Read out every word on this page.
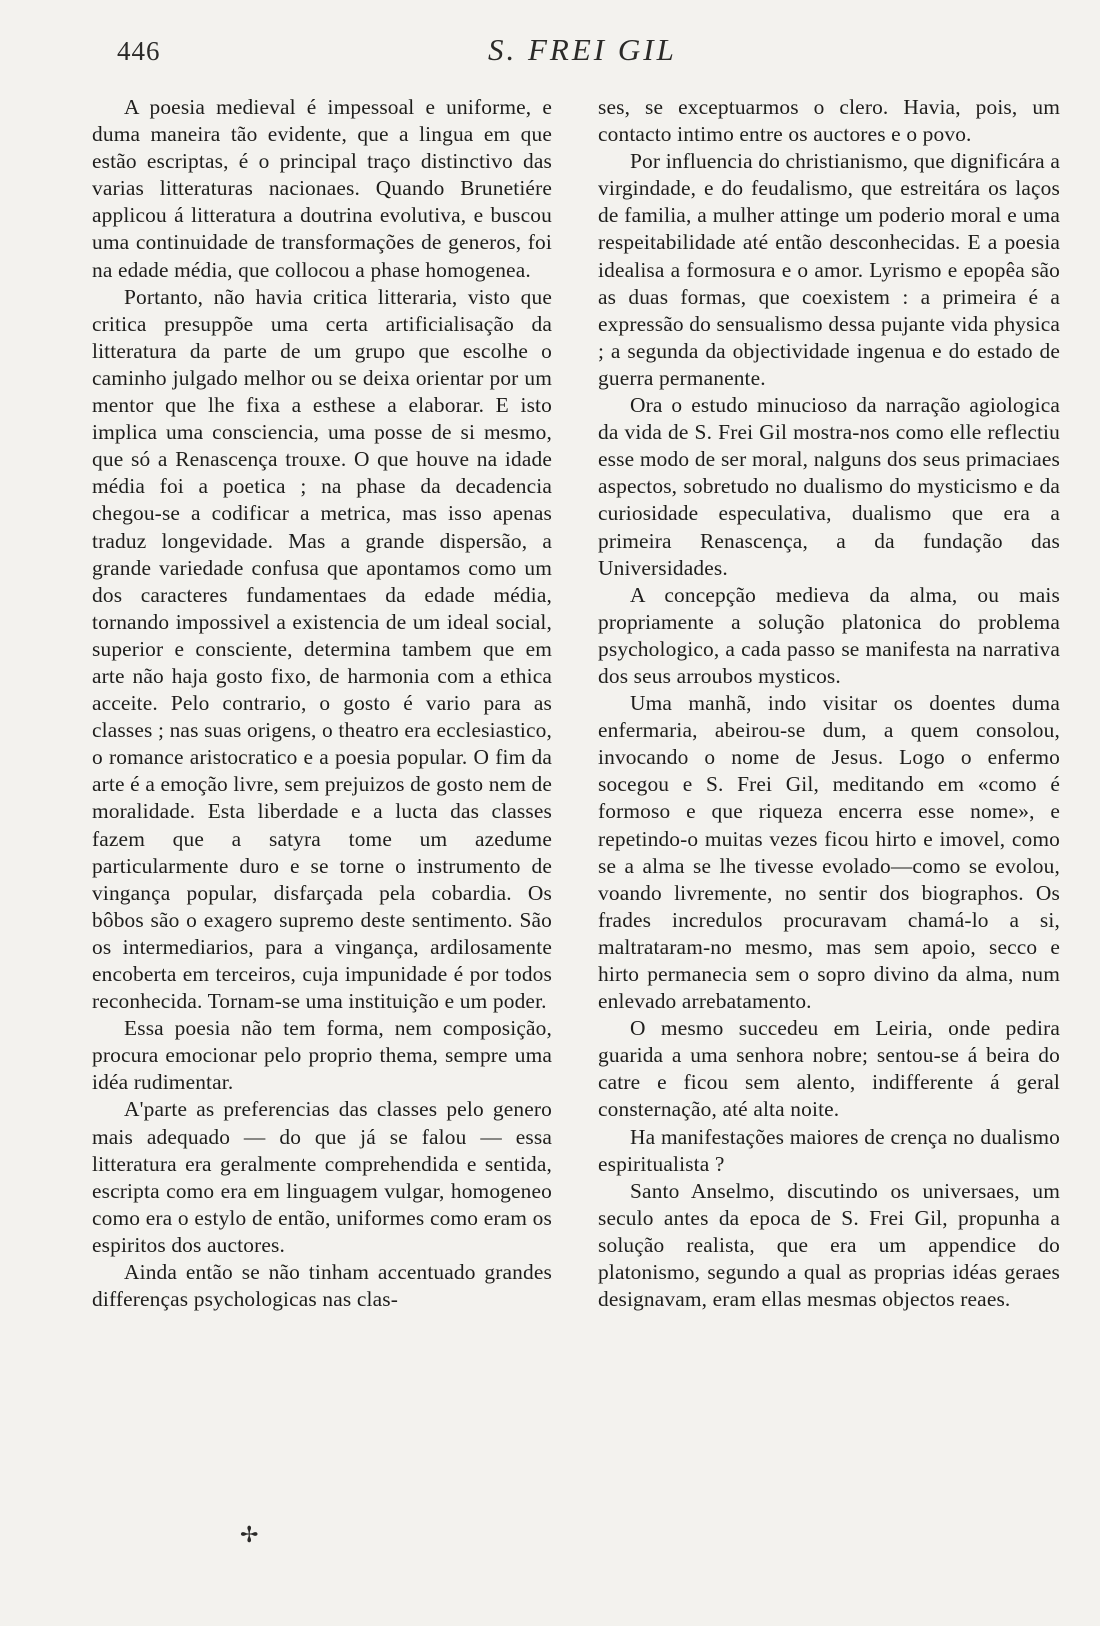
446	S. FREI GIL

A poesia medieval é impessoal e uniforme, e duma maneira tão evidente, que a lingua em que estão escriptas, é o principal traço distinctivo das varias litteraturas nacionaes. Quando Brunetiére applicou á litteratura a doutrina evolutiva, e buscou uma continuidade de transformações de generos, foi na edade média, que collocou a phase homogenea.

Portanto, não havia critica litteraria, visto que critica presuppõe uma certa artificialisação da litteratura da parte de um grupo que escolhe o caminho julgado melhor ou se deixa orientar por um mentor que lhe fixa a esthese a elaborar. E isto implica uma consciencia, uma posse de si mesmo, que só a Renascença trouxe. O que houve na idade média foi a poetica ; na phase da decadencia chegou-se a codificar a metrica, mas isso apenas traduz longevidade. Mas a grande dispersão, a grande variedade confusa que apontamos como um dos caracteres fundamentaes da edade média, tornando impossivel a existencia de um ideal social, superior e consciente, determina tambem que em arte não haja gosto fixo, de harmonia com a ethica acceite. Pelo contrario, o gosto é vario para as classes ; nas suas origens, o theatro era ecclesiastico, o romance aristocratico e a poesia popular. O fim da arte é a emoção livre, sem prejuizos de gosto nem de moralidade. Esta liberdade e a lucta das classes fazem que a satyra tome um azedume particularmente duro e se torne o instrumento de vingança popular, disfarçada pela cobardia. Os bôbos são o exagero supremo deste sentimento. São os intermediarios, para a vingança, ardilosamente encoberta em terceiros, cuja impunidade é por todos reconhecida. Tornam-se uma instituição e um poder.

Essa poesia não tem forma, nem composição, procura emocionar pelo proprio thema, sempre uma idéa rudimentar.

A'parte as preferencias das classes pelo genero mais adequado — do que já se falou — essa litteratura era geralmente comprehendida e sentida, escripta como era em linguagem vulgar, homogeneo como era o estylo de então, uniformes como eram os espiritos dos auctores.

Ainda então se não tinham accentuado grandes differenças psychologicas nas clas-

ses, se exceptuarmos o clero. Havia, pois, um contacto intimo entre os auctores e o povo.

Por influencia do christianismo, que dignificára a virgindade, e do feudalismo, que estreitára os laços de familia, a mulher attinge um poderio moral e uma respeitabilidade até então desconhecidas. E a poesia idealisa a formosura e o amor. Lyrismo e epopêa são as duas formas, que coexistem : a primeira é a expressão do sensualismo dessa pujante vida physica ; a segunda da objectividade ingenua e do estado de guerra permanente.

Ora o estudo minucioso da narração agiologica da vida de S. Frei Gil mostra-nos como elle reflectiu esse modo de ser moral, nalguns dos seus primaciaes aspectos, sobretudo no dualismo do mysticismo e da curiosidade especulativa, dualismo que era a primeira Renascença, a da fundação das Universidades.

A concepção medieva da alma, ou mais propriamente a solução platonica do problema psychologico, a cada passo se manifesta na narrativa dos seus arroubos mysticos.

Uma manhã, indo visitar os doentes duma enfermaria, abeirou-se dum, a quem consolou, invocando o nome de Jesus. Logo o enfermo socegou e S. Frei Gil, meditando em «como é formoso e que riqueza encerra esse nome», e repetindo-o muitas vezes ficou hirto e imovel, como se a alma se lhe tivesse evolado—como se evolou, voando livremente, no sentir dos biographos. Os frades incredulos procuravam chamá-lo a si, maltrataram-no mesmo, mas sem apoio, secco e hirto permanecia sem o sopro divino da alma, num enlevado arrebatamento.

O mesmo succedeu em Leiria, onde pedira guarida a uma senhora nobre; sentou-se á beira do catre e ficou sem alento, indifferente á geral consternação, até alta noite.

Ha manifestações maiores de crença no dualismo espiritualista ?

Santo Anselmo, discutindo os universaes, um seculo antes da epoca de S. Frei Gil, propunha a solução realista, que era um appendice do platonismo, segundo a qual as proprias idéas geraes designavam, eram ellas mesmas objectos reaes.

✢
